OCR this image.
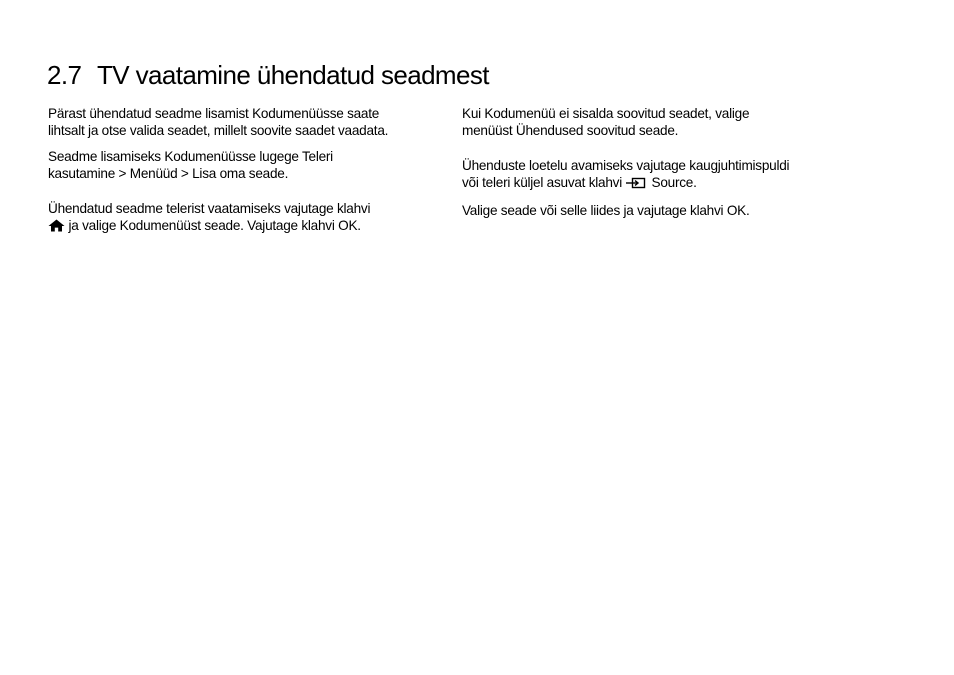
2.7 TV vaatamine ühendatud seadmest

Pärast ühendatud seadme lisamist Kodumenüüsse saate

lihtsalt ja otse valida seadet, millelt soovite saadet vaadata.

Seadme lisamiseks Kodumenüüsse lugege Teleri

kasutamine > Menüüd > Lisa oma seade.

Ühendatud seadme telerist vaatamiseks vajutage klahvi

ja valige Kodumenüüst seade. Vajutage klahvi OK.

Kui Kodumenüü ei sisalda soovitud seadet, valige

menüüst Ühendused soovitud seade.

Ühenduste loetelu avamiseks vajutage kaugjuhtimispuldi

või teleri küljel asuvat klahvi Source.

Valige seade või selle liides ja vajutage klahvi OK.
